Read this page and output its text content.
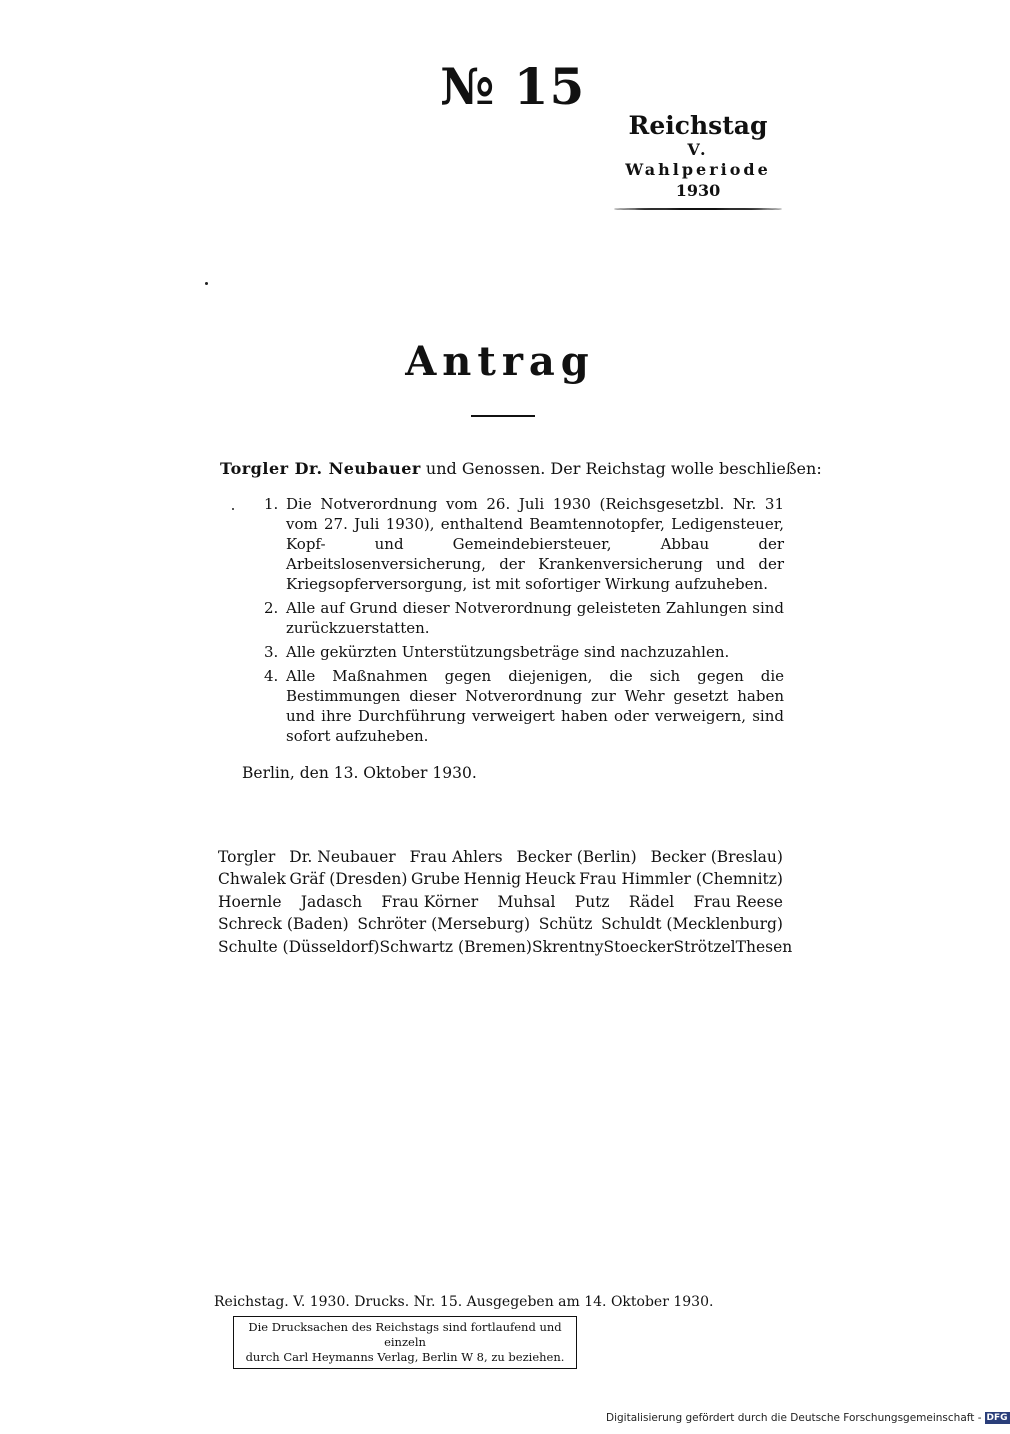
№ 15
Reichstag
V. Wahlperiode
1930
Antrag
Torgler Dr. Neubauer und Genossen. Der Reichstag wolle beschließen:
1. Die Notverordnung vom 26. Juli 1930 (Reichsgesetzbl. Nr. 31 vom 27. Juli 1930), enthaltend Beamtennotopfer, Ledigensteuer, Kopf- und Gemeindebiersteuer, Abbau der Arbeitslosenversicherung, der Krankenversicherung und der Kriegsopferversorgung, ist mit sofortiger Wirkung aufzuheben.
2. Alle auf Grund dieser Notverordnung geleisteten Zahlungen sind zurückzuerstatten.
3. Alle gekürzten Unterstützungsbeträge sind nachzuzahlen.
4. Alle Maßnahmen gegen diejenigen, die sich gegen die Bestimmungen dieser Notverordnung zur Wehr gesetzt haben und ihre Durchführung verweigert haben oder verweigern, sind sofort aufzuheben.
Berlin, den 13. Oktober 1930.
Torgler Dr. Neubauer Frau Ahlers Becker (Berlin) Becker (Breslau)
Chwalek Gräf (Dresden) Grube Hennig Heuck Frau Himmler (Chemnitz)
Hoernle Jadasch Frau Körner Muhsal Putz Rädel Frau Reese
Schreck (Baden) Schröter (Merseburg) Schütz Schuldt (Mecklenburg)
Schulte (Düsseldorf) Schwartz (Bremen) Skrentny Stoecker Strötzel Thesen
Reichstag. V. 1930. Drucks. Nr. 15. Ausgegeben am 14. Oktober 1930.
Die Drucksachen des Reichstags sind fortlaufend und einzeln
durch Carl Heymanns Verlag, Berlin W 8, zu beziehen.
Digitalisierung gefördert durch die Deutsche Forschungsgemeinschaft - DFG
